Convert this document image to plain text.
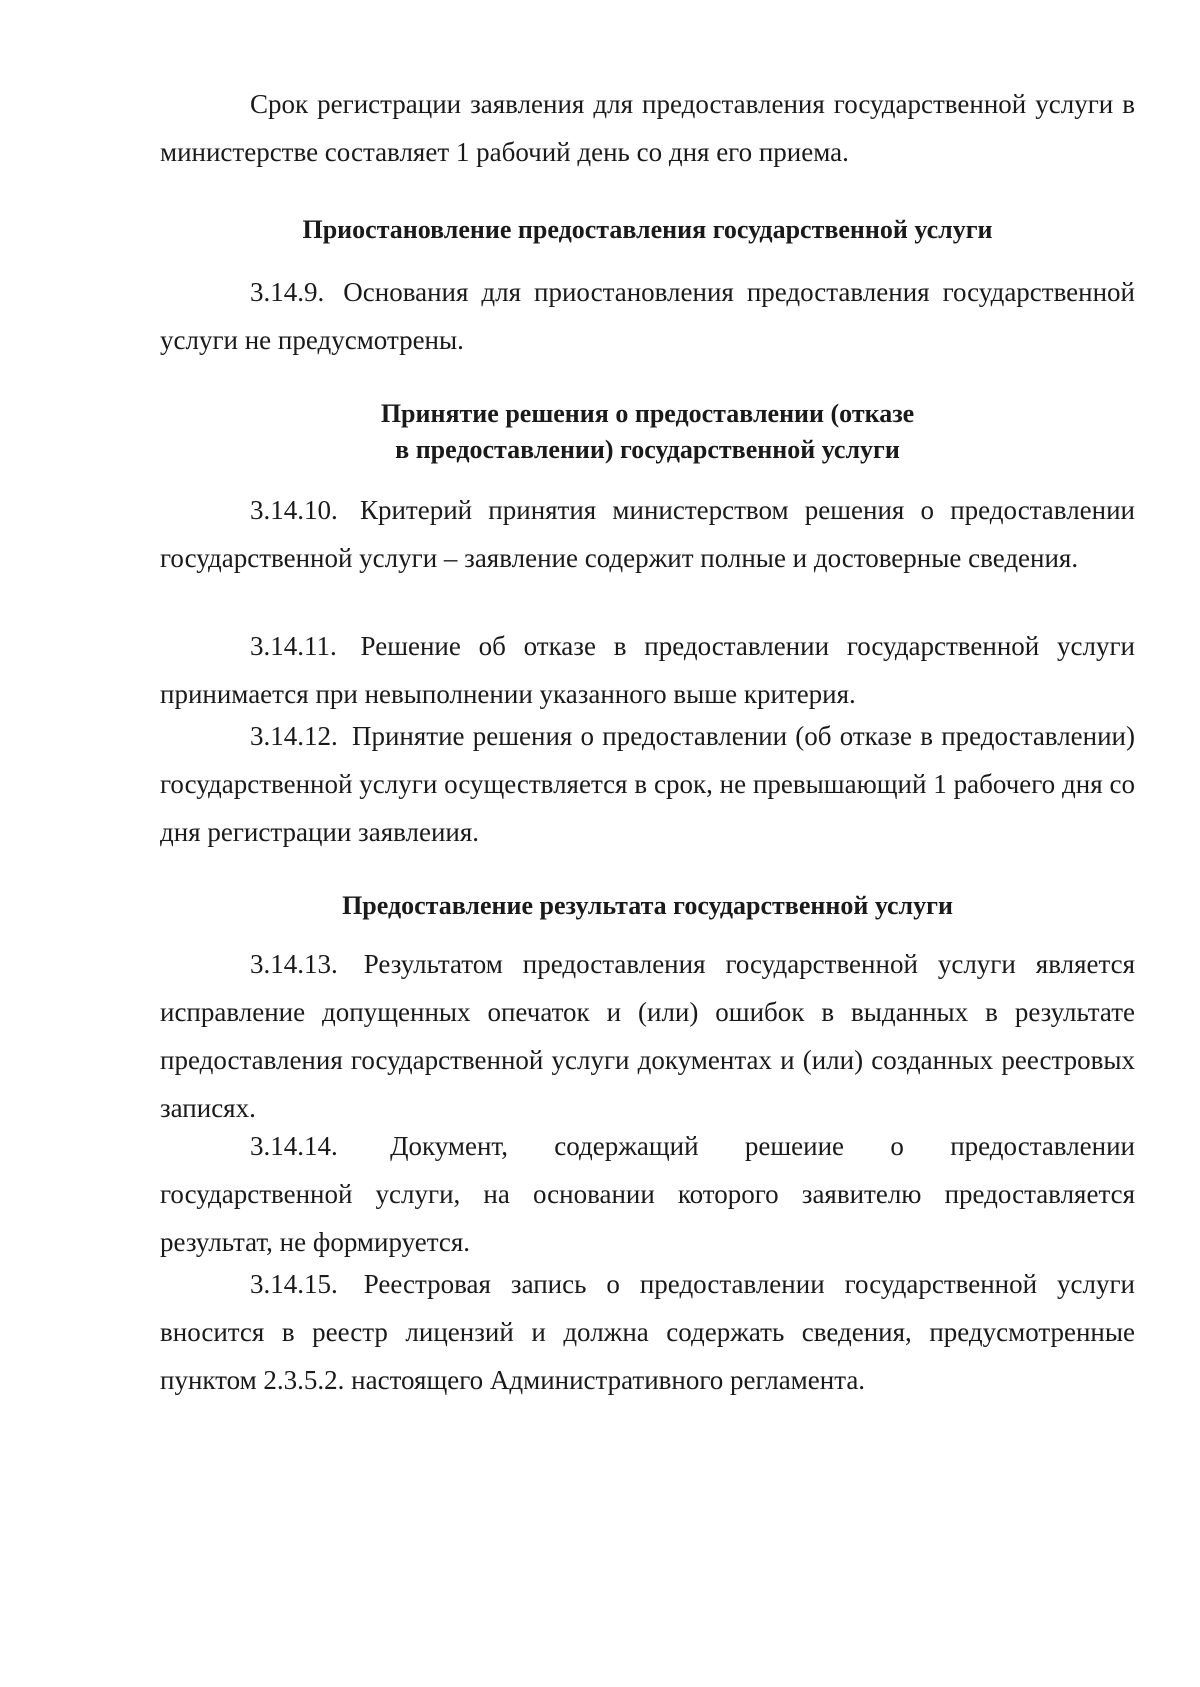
Срок регистрации заявления для предоставления государственной услуги в министерстве составляет 1 рабочий день со дня его приема.

Приостановление предоставления государственной услуги

3.14.9. Основания для приостановления предоставления государственной услуги не предусмотрены.

Принятие решения о предоставлении (отказе
в предоставлении) государственной услуги

3.14.10. Критерий принятия министерством решения о предоставлении государственной услуги – заявление содержит полные и достоверные сведения.

3.14.11. Решение об отказе в предоставлении государственной услуги принимается при невыполнении указанного выше критерия.

3.14.12. Принятие решения о предоставлении (об отказе в предоставлении) государственной услуги осуществляется в срок, не превышающий 1 рабочего дня со дня регистрации заявлеиия.

Предоставление результата государственной услуги

3.14.13. Результатом предоставления государственной услуги является исправление допущенных опечаток и (или) ошибок в выданных в результате предоставления государственной услуги документах и (или) созданных реестровых записях.

3.14.14. Документ, содержащий решеиие о предоставлении государственной услуги, на основании которого заявителю предоставляется результат, не формируется.

3.14.15. Реестровая запись о предоставлении государственной услуги вносится в реестр лицензий и должна содержать сведения, предусмотренные пунктом 2.3.5.2. настоящего Административного регламента.
